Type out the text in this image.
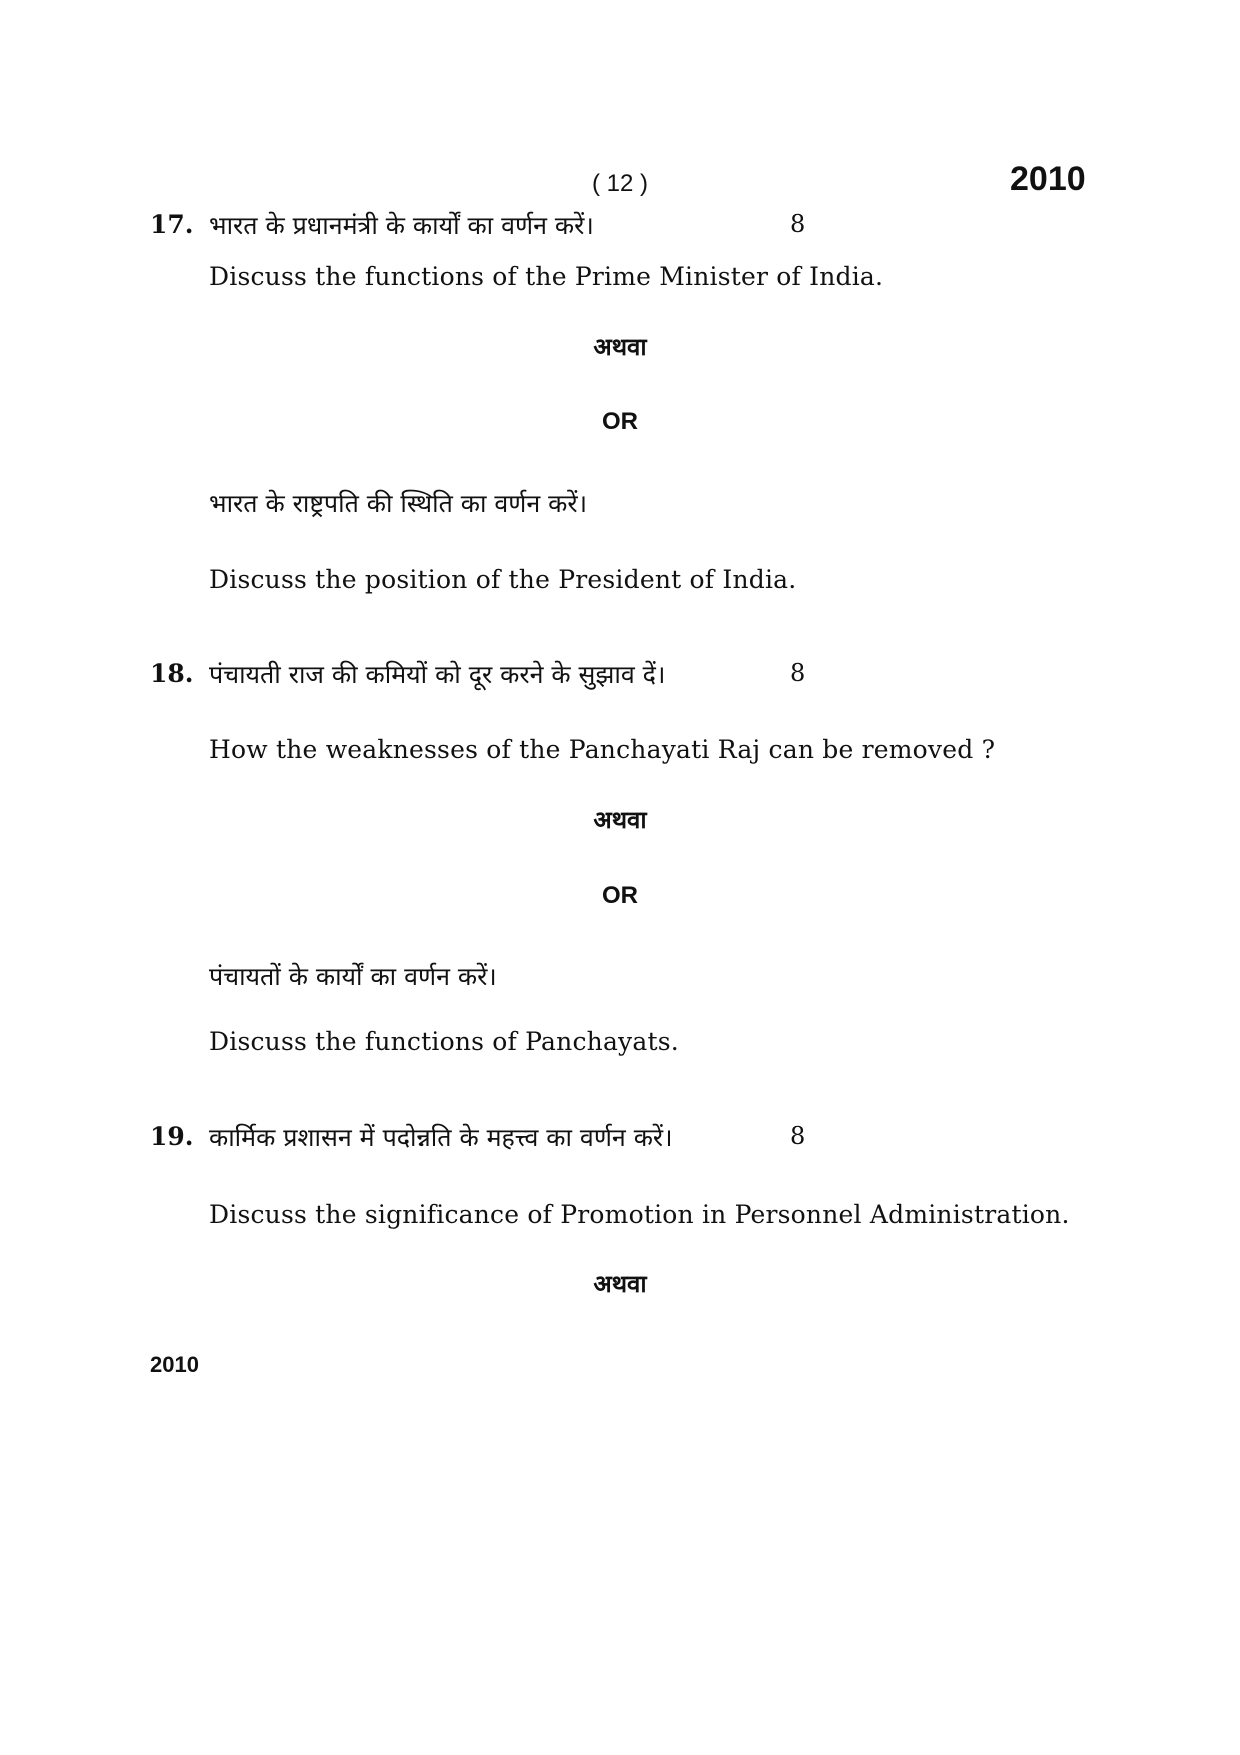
( 12 )	2010
17. भारत के प्रधानमंत्री के कार्यों का वर्णन करें।	8
Discuss the functions of the Prime Minister of India.
अथवा
OR
भारत के राष्ट्रपति की स्थिति का वर्णन करें।
Discuss the position of the President of India.
18. पंचायती राज की कमियों को दूर करने के सुझाव दें।	8
How the weaknesses of the Panchayati Raj can be removed ?
अथवा
OR
पंचायतों के कार्यों का वर्णन करें।
Discuss the functions of Panchayats.
19. कार्मिक प्रशासन में पदोन्नति के महत्त्व का वर्णन करें।	8
Discuss the significance of Promotion in Personnel Administration.
अथवा
2010
